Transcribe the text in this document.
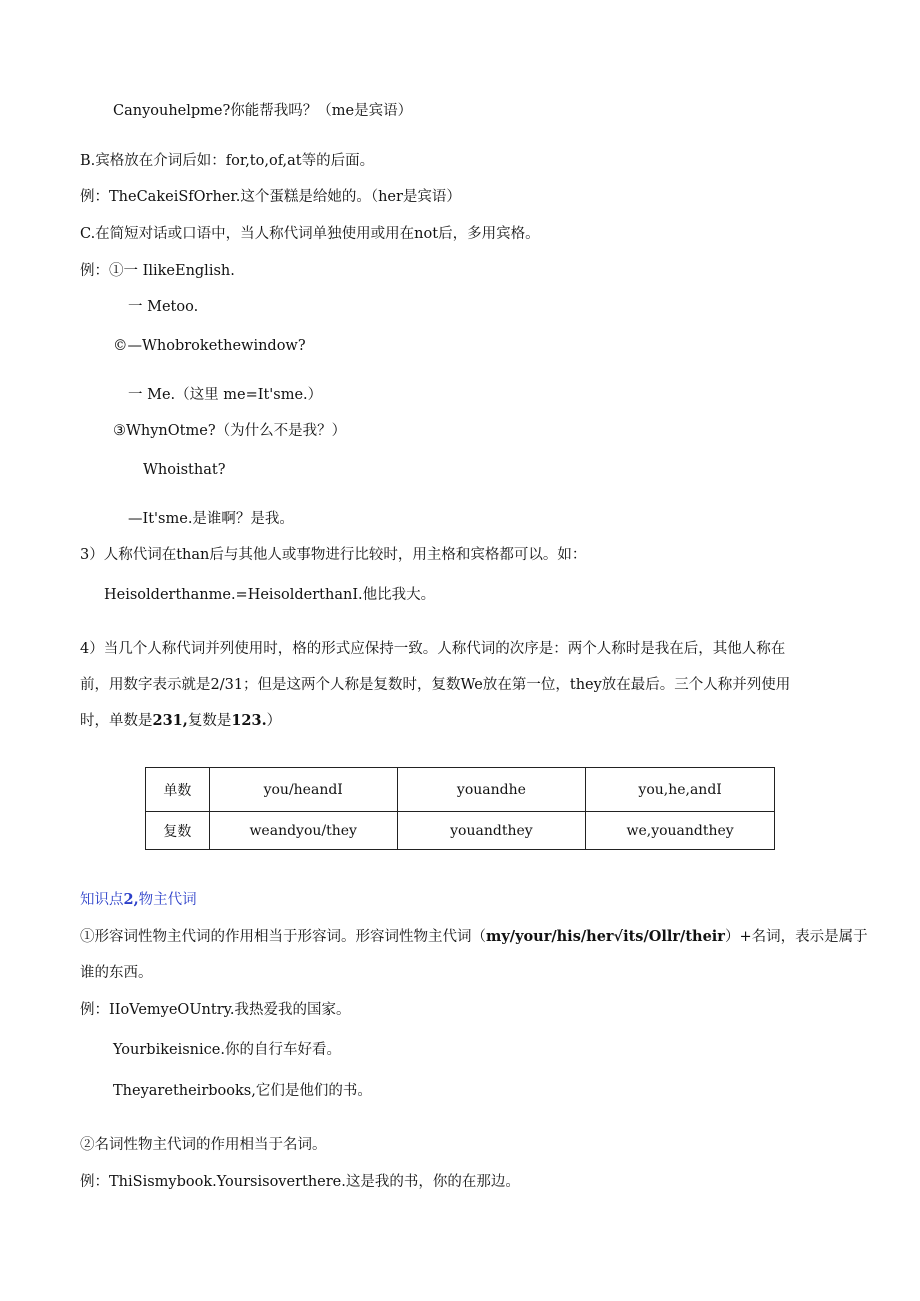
Canyouhelpme?你能帮我吗？（me是宾语）
B.宾格放在介词后如：for,to,of,at等的后面。
例：TheCakeiSfOrher.这个蛋糕是给她的。（her是宾语）
C.在简短对话或口语中，当人称代词单独使用或用在not后，多用宾格。
例：①一 IlikeEnglish.
一 Metoo.
©—Whobrokethewindow?
一 Me.（这里 me=It'sme.）
③WhynOtme?（为什么不是我？）
Whoisthat?
—It'sme.是谁啊？是我。
3）人称代词在than后与其他人或事物进行比较时，用主格和宾格都可以。如：
Heisolderthanme.=HeisolderthanI.他比我大。
4）当几个人称代词并列使用时，格的形式应保持一致。人称代词的次序是：两个人称时是我在后，其他人称在
前，用数字表示就是2/31；但是这两个人称是复数时，复数We放在第一位，they放在最后。三个人称并列使用
时，单数是231,复数是123.）
单数	you/heandI	youandhe	you,he,andI
复数	weandyou/they	youandthey	we,youandthey
知识点2,物主代词
①形容词性物主代词的作用相当于形容词。形容词性物主代词（my/your/his/her√its/Ollr/their）+名词，表示是属于
谁的东西。
例：IIoVemyeOUntry.我热爱我的国家。
Yourbikeisnice.你的自行车好看。
Theyaretheirbooks,它们是他们的书。
②名词性物主代词的作用相当于名词。
例：ThiSismybook.Yoursisoverthere.这是我的书，你的在那边。
